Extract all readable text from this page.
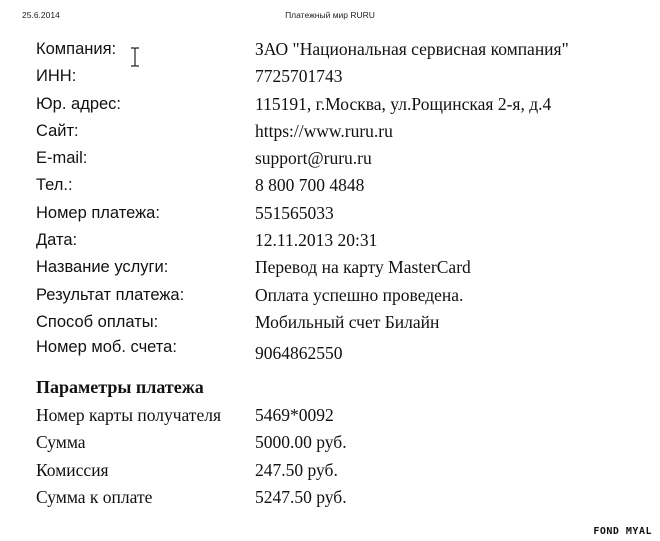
25.6.2014	Платежный мир RURU
Компания:	ЗАО "Национальная сервисная компания"
ИНН:	7725701743
Юр. адрес:	115191, г.Москва, ул.Рощинская 2-я, д.4
Сайт:	https://www.ruru.ru
E-mail:	support@ruru.ru
Тел.:	8 800 700 4848
Номер платежа:	551565033
Дата:	12.11.2013 20:31
Название услуги:	Перевод на карту MasterCard
Результат платежа:	Оплата успешно проведена.
Способ оплаты:	Мобильный счет Билайн
Номер моб. счета:	9064862550
Параметры платежа
Номер карты получателя 5469*0092
Сумма	5000.00 руб.
Комиссия	247.50 руб.
Сумма к оплате	5247.50 руб.
FOND MYAL
